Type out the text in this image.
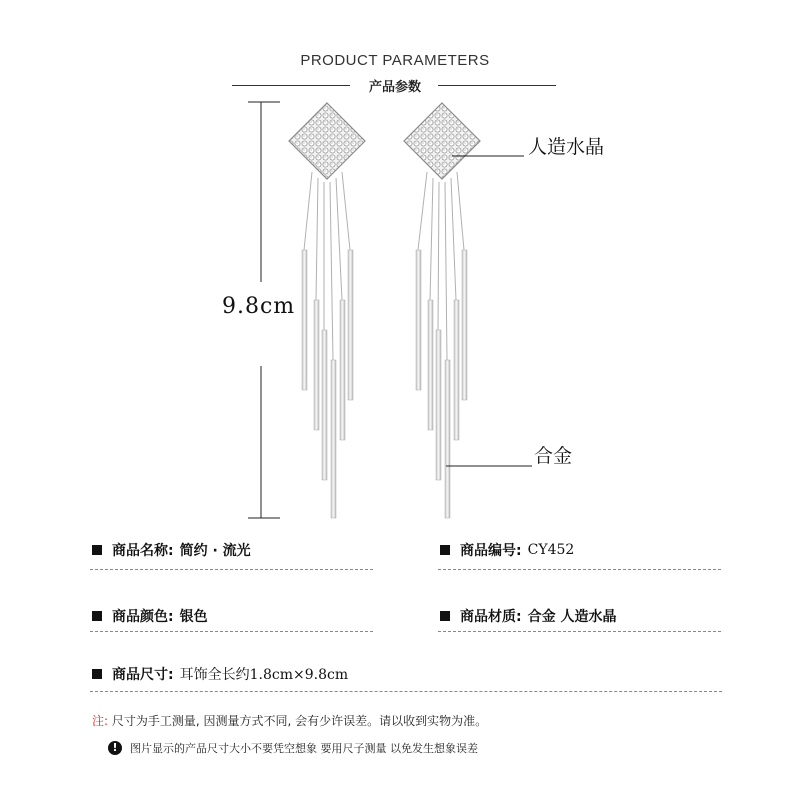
PRODUCT PARAMETERS
产品参数
9.8cm
人造水晶
合金
商品名称: 简约 · 流光	商品编号: CY452
商品颜色: 银色	商品材质: 合金 人造水晶
商品尺寸: 耳饰全长约1.8cm×9.8cm
注: 尺寸为手工测量, 因测量方式不同, 会有少许误差。请以收到实物为准。
!	图片显示的产品尺寸大小不要凭空想象 要用尺子测量 以免发生想象误差
